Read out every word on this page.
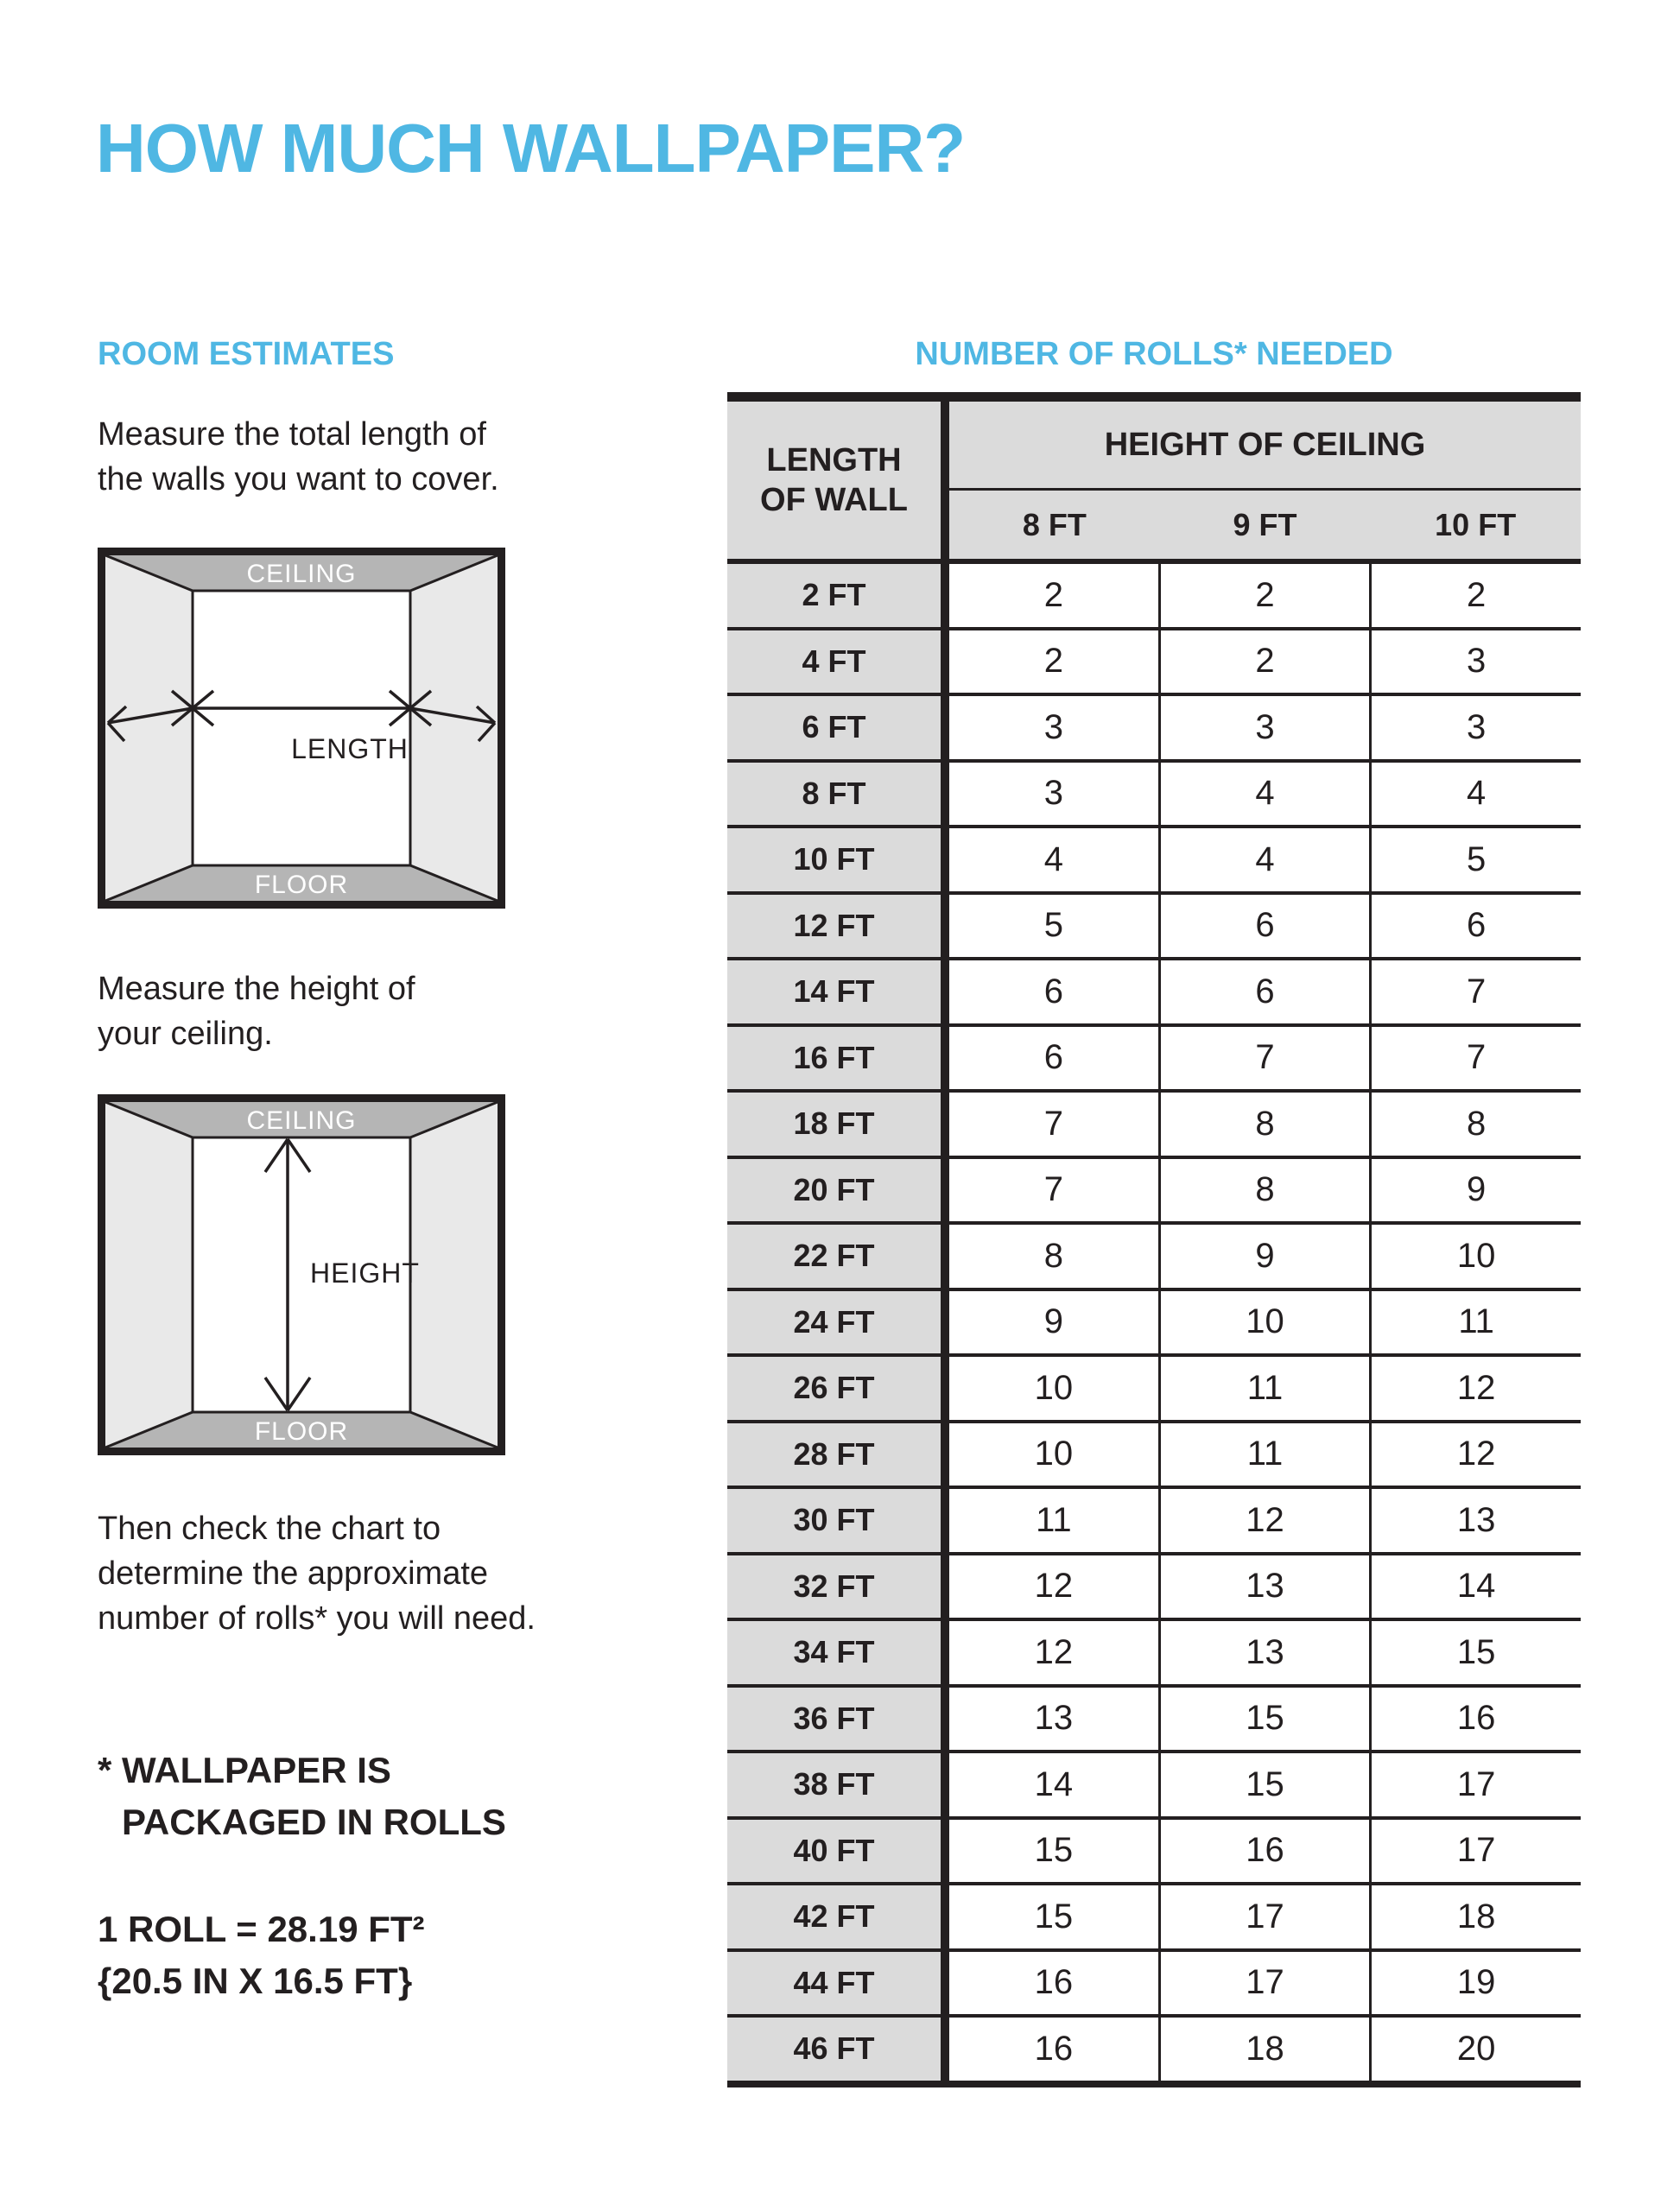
HOW MUCH WALLPAPER?
ROOM ESTIMATES
Measure the total length of
the walls you want to cover.
CEILING
FLOOR
LENGTH
Measure the height of
your ceiling.
CEILING
FLOOR
HEIGHT
Then check the chart to
determine the approximate
number of rolls* you will need.
* WALLPAPER IS
PACKAGED IN ROLLS
1 ROLL = 28.19 FT²
{20.5 IN X 16.5 FT}
NUMBER OF ROLLS* NEEDED
LENGTH
OF WALL
HEIGHT OF CEILING
8 FT	9 FT	10 FT
2 FT	2	2	2
4 FT	2	2	3
6 FT	3	3	3
8 FT	3	4	4
10 FT	4	4	5
12 FT	5	6	6
14 FT	6	6	7
16 FT	6	7	7
18 FT	7	8	8
20 FT	7	8	9
22 FT	8	9	10
24 FT	9	10	11
26 FT	10	11	12
28 FT	10	11	12
30 FT	11	12	13
32 FT	12	13	14
34 FT	12	13	15
36 FT	13	15	16
38 FT	14	15	17
40 FT	15	16	17
42 FT	15	17	18
44 FT	16	17	19
46 FT	16	18	20
